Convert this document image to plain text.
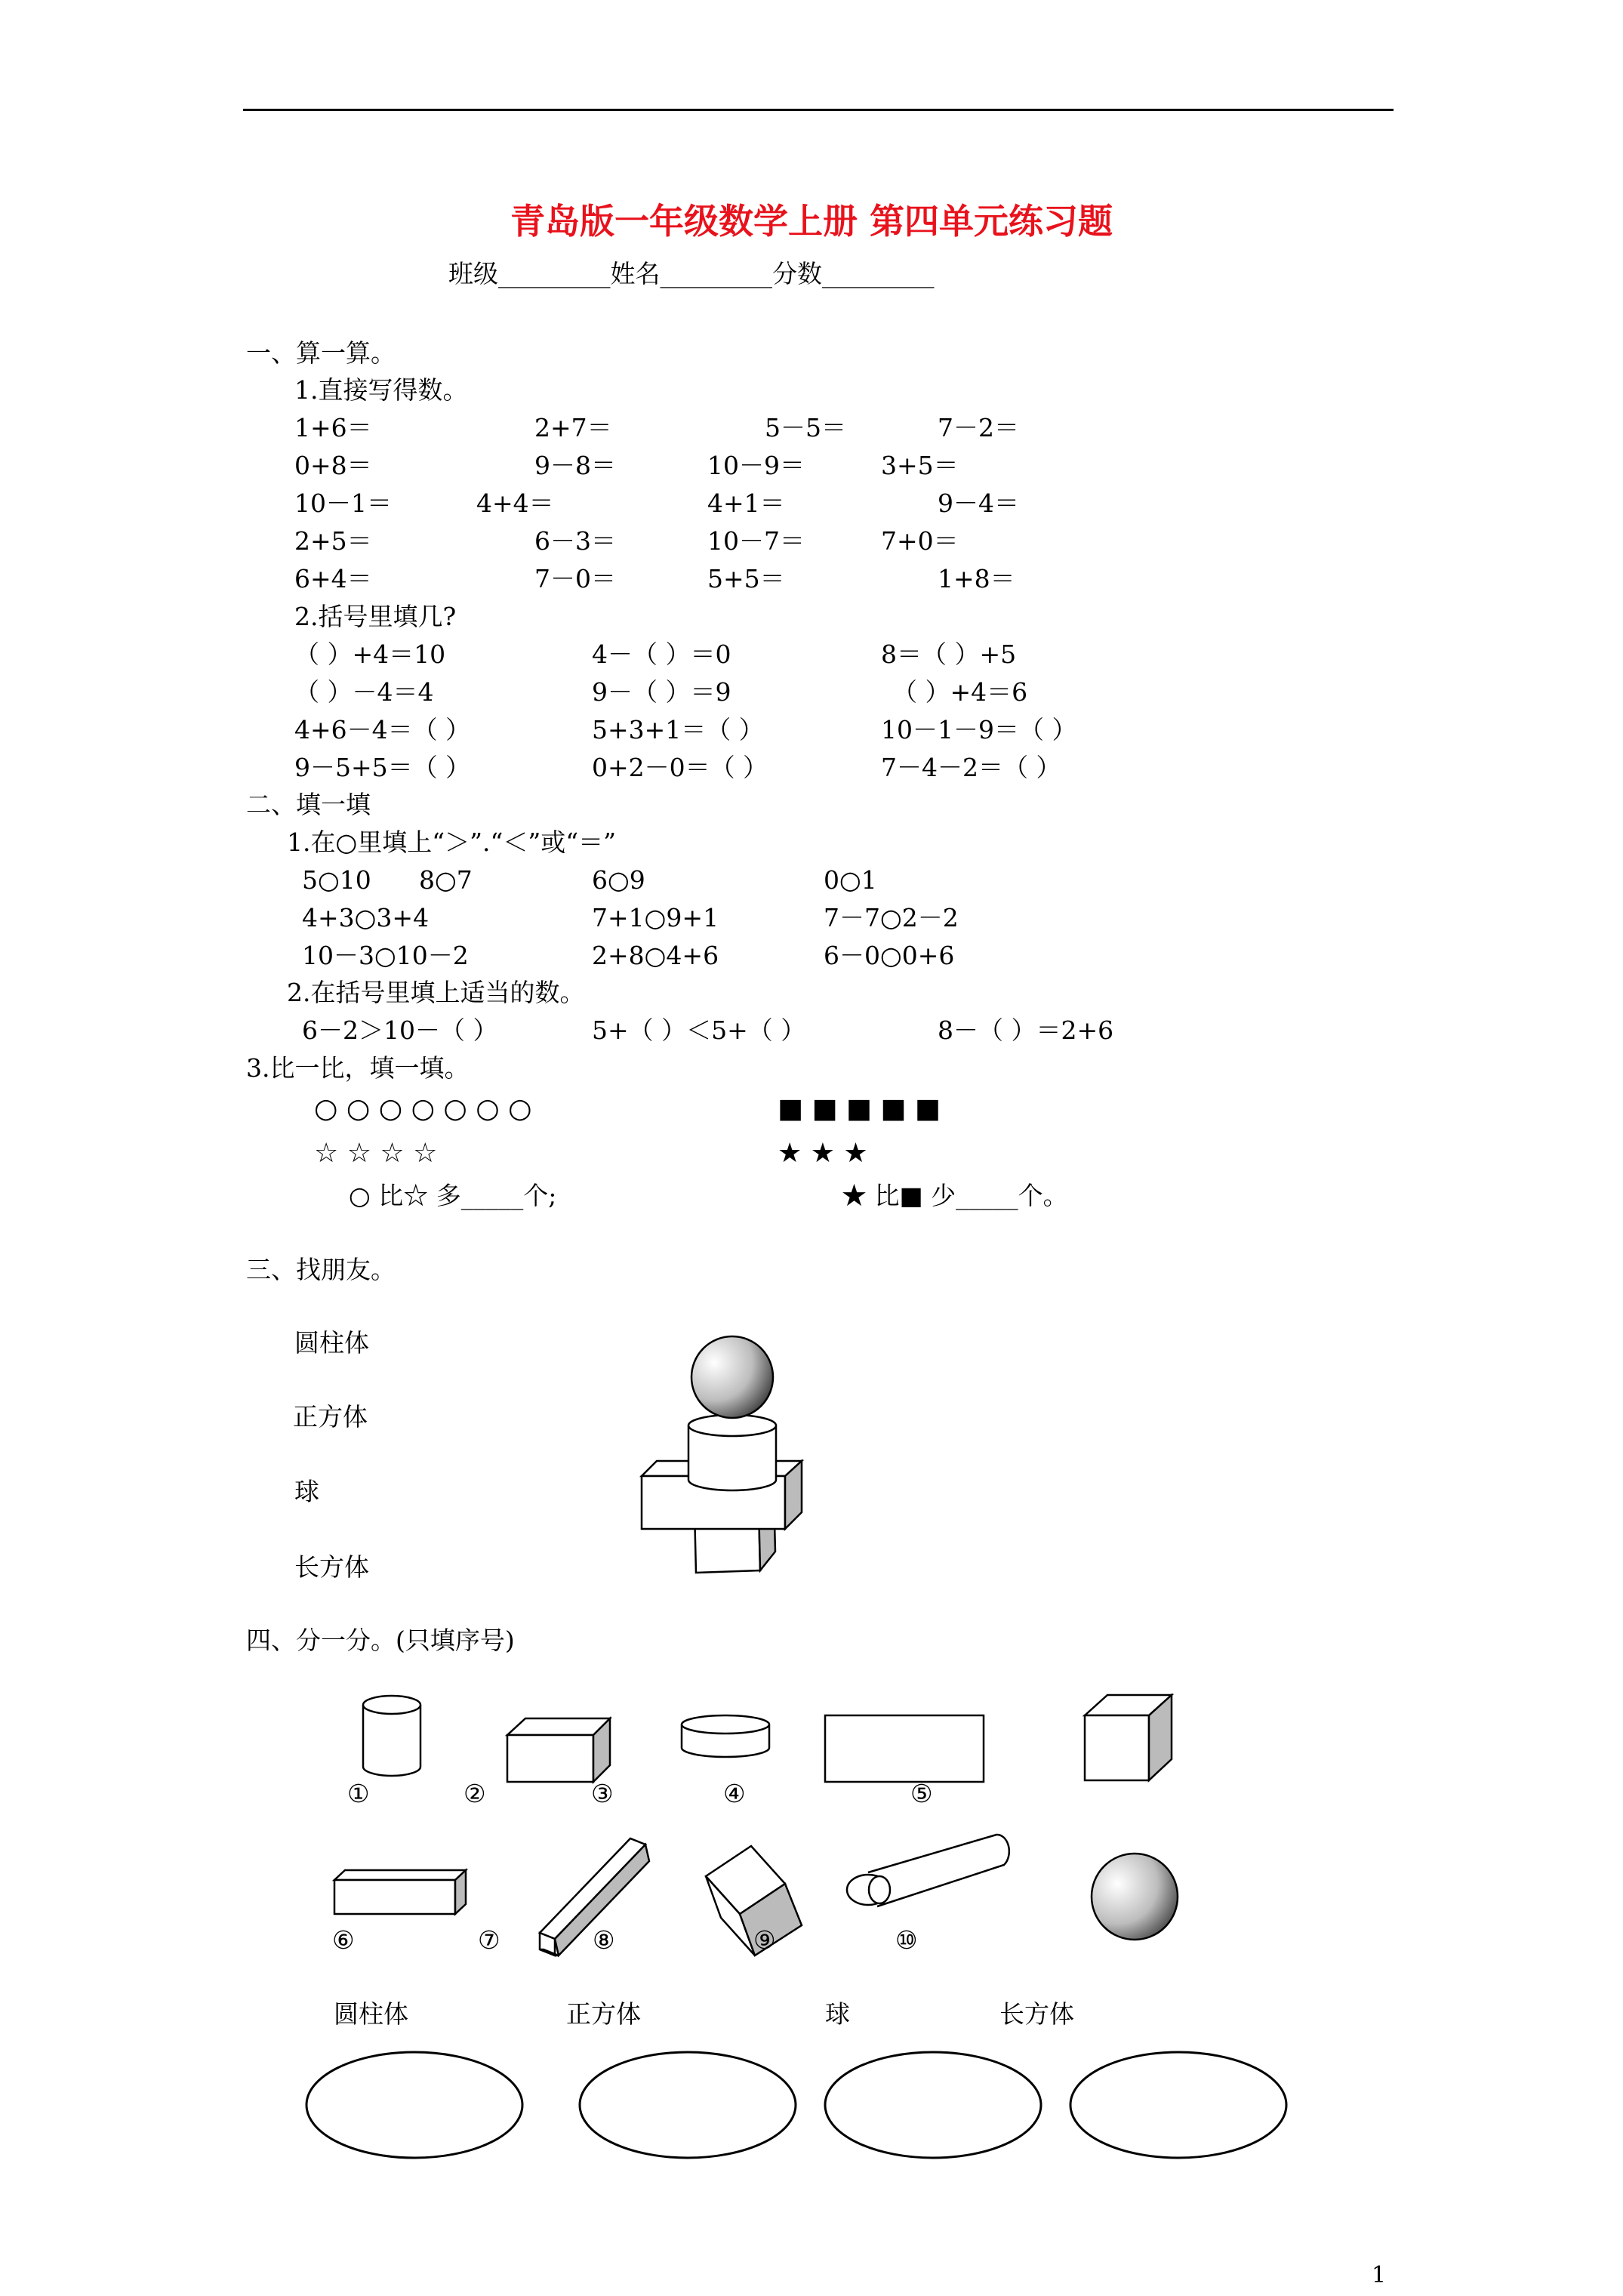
青岛版一年级数学上册 第四单元练习题
班级_________姓名_________分数_________
一、算一算。
1.直接写得数。
1+6＝	2+7＝	5－5＝	7－2＝
0+8＝	9－8＝	10－9＝	3+5＝
10－1＝	4+4＝	4+1＝	9－4＝
2+5＝	6－3＝	10－7＝	7+0＝
6+4＝	7－0＝	5+5＝	1+8＝
2.括号里填几?
（ ）+4＝10	4－（ ）＝0	8＝（ ）+5
（ ）－4＝4	9－（ ）＝9	（ ）+4＝6
4+6－4＝（ ）	5+3+1＝（ ）	10－1－9＝（ ）
9－5+5＝（ ）	0+2－0＝（ ）	7－4－2＝（ ）
二、填一填
1.在○里填上“＞”.“＜”或“＝”
5○10 8○7	6○9	0○1
4+3○3+4	7+1○9+1	7－7○2－2
10－3○10－2	2+8○4+6	6－0○0+6
2.在括号里填上适当的数。
6－2＞10－（ ）	5+（ ）＜5+（ ）	8－（ ）＝2+6
3.比一比，填一填。
○ ○ ○ ○ ○ ○ ○	■ ■ ■ ■ ■
☆ ☆ ☆ ☆	★ ★ ★
○ 比☆ 多_____个;	★ 比■ 少_____个。
三、找朋友。
圆柱体
正方体
球
长方体
四、分一分。(只填序号)
①	②	③	④	⑤
⑥	⑦	⑧	⑨	⑩
圆柱体	正方体	球	长方体
1
